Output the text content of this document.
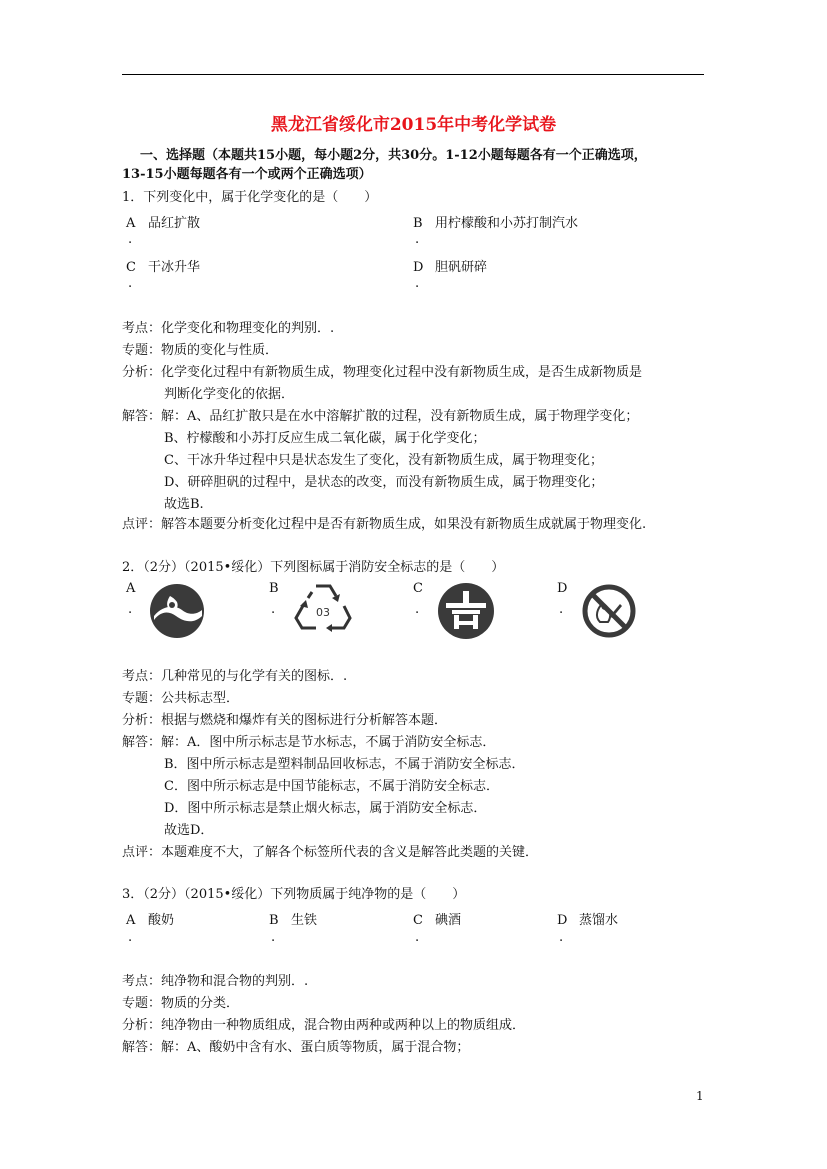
黑龙江省绥化市2015年中考化学试卷
一、选择题（本题共15小题，每小题2分，共30分。1-12小题每题各有一个正确选项，
13-15小题每题各有一个或两个正确选项）
1．下列变化中，属于化学变化的是（　　）
A 品红扩散	B 用柠檬酸和小苏打制汽水
.	.
C 干冰升华	D 胆矾研碎
.	.
考点：化学变化和物理变化的判别．.
专题：物质的变化与性质．
分析：化学变化过程中有新物质生成，物理变化过程中没有新物质生成，是否生成新物质是
判断化学变化的依据．
解答：解：A、品红扩散只是在水中溶解扩散的过程，没有新物质生成，属于物理学变化；
B、柠檬酸和小苏打反应生成二氧化碳，属于化学变化；
C、干冰升华过程中只是状态发生了变化，没有新物质生成，属于物理变化；
D、研碎胆矾的过程中，是状态的改变，而没有新物质生成，属于物理变化；
故选B.
点评：解答本题要分析变化过程中是否有新物质生成，如果没有新物质生成就属于物理变化.
2．（2分）（2015•绥化）下列图标属于消防安全标志的是（　　）
A	B	C	D
.	.	.	.
03
考点：几种常见的与化学有关的图标．.
专题：公共标志型．
分析：根据与燃烧和爆炸有关的图标进行分析解答本题．
解答：解：A．图中所示标志是节水标志，不属于消防安全标志．
B．图中所示标志是塑料制品回收标志，不属于消防安全标志．
C．图中所示标志是中国节能标志，不属于消防安全标志．
D．图中所示标志是禁止烟火标志，属于消防安全标志．
故选D．
点评：本题难度不大，了解各个标签所代表的含义是解答此类题的关键．
3．（2分）（2015•绥化）下列物质属于纯净物的是（　　）
A 酸奶	B 生铁	C 碘酒	D 蒸馏水
.	.	.	.
考点：纯净物和混合物的判别．.
专题：物质的分类．
分析：纯净物由一种物质组成，混合物由两种或两种以上的物质组成．
解答：解：A、酸奶中含有水、蛋白质等物质，属于混合物；
1
